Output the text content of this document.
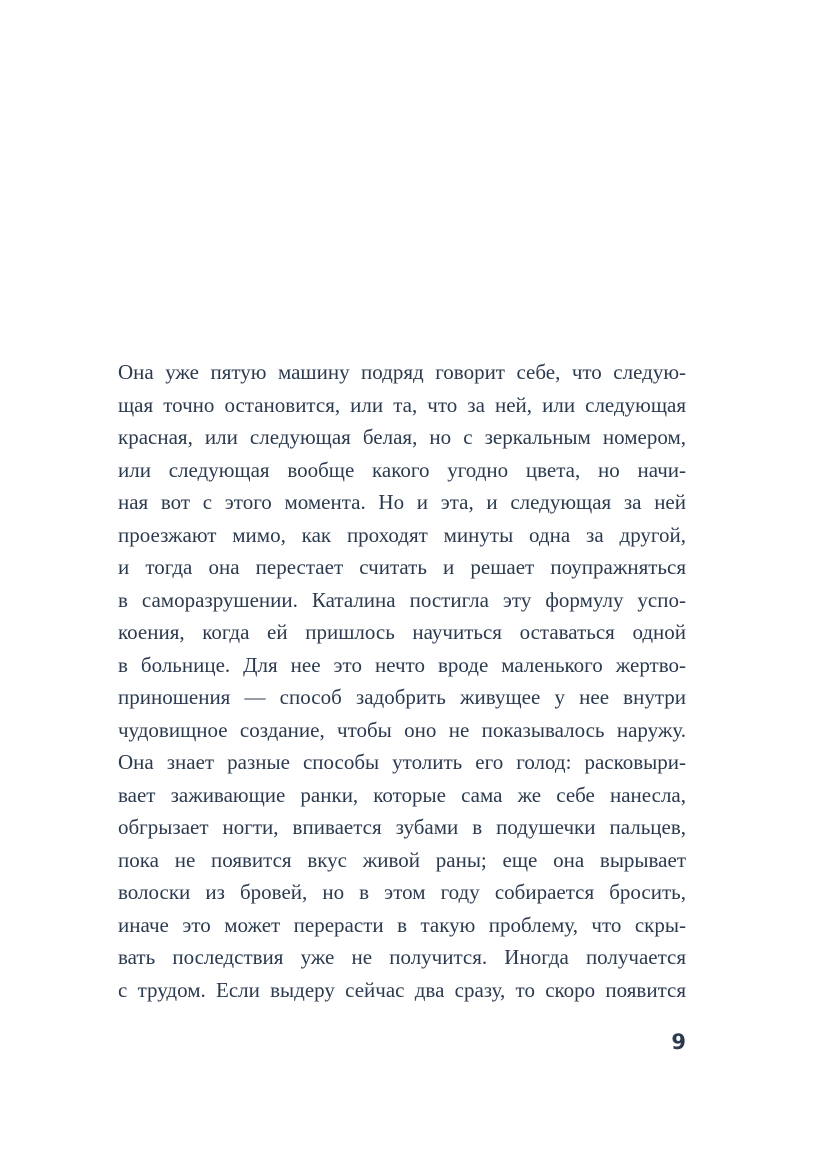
Она уже пятую машину подряд говорит себе, что следую-
щая точно остановится, или та, что за ней, или следующая
красная, или следующая белая, но с зеркальным номером,
или следующая вообще какого угодно цвета, но начи-
ная вот с этого момента. Но и эта, и следующая за ней
проезжают мимо, как проходят минуты одна за другой,
и тогда она перестает считать и решает поупражняться
в саморазрушении. Каталина постигла эту формулу успо-
коения, когда ей пришлось научиться оставаться одной
в больнице. Для нее это нечто вроде маленького жертво-
приношения — способ задобрить живущее у нее внутри
чудовищное создание, чтобы оно не показывалось наружу.
Она знает разные способы утолить его голод: расковыри-
вает заживающие ранки, которые сама же себе нанесла,
обгрызает ногти, впивается зубами в подушечки пальцев,
пока не появится вкус живой раны; еще она вырывает
волоски из бровей, но в этом году собирается бросить,
иначе это может перерасти в такую проблему, что скры-
вать последствия уже не получится. Иногда получается
с трудом. Если выдеру сейчас два сразу, то скоро появится
9
